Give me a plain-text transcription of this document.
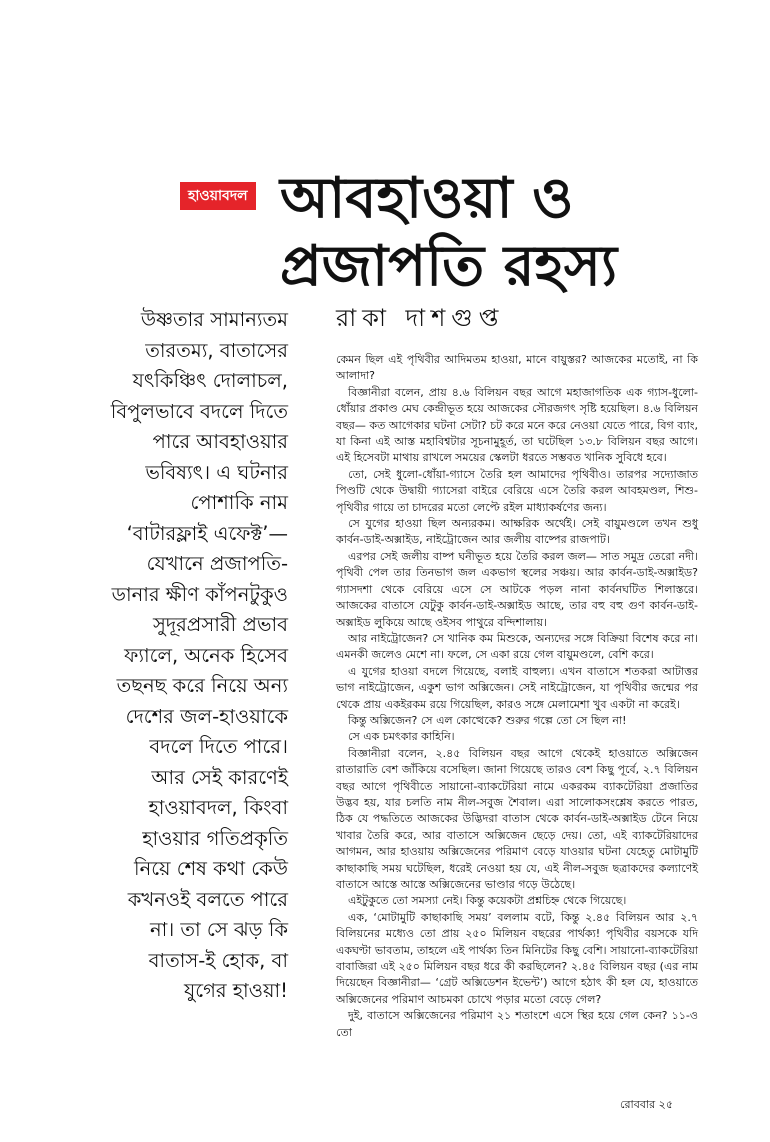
হাওয়াবদল আবহাওয়া ও প্রজাপতি রহস্য
রাকা দাশগুপ্ত
উষ্ণতার সামান্যতম তারতম্য, বাতাসের যৎকিঞ্চিৎ দোলাচল, বিপুলভাবে বদলে দিতে পারে আবহাওয়ার ভবিষ্যৎ। এ ঘটনার পোশাকি নাম ‘বাটারফ্লাই এফেক্ট’— যেখানে প্রজাপতি-ডানার ক্ষীণ কাঁপনটুকুও সুদূরপ্রসারী প্রভাব ফ্যালে, অনেক হিসেব তছনছ করে নিয়ে অন্য দেশের জল-হাওয়াকে বদলে দিতে পারে। আর সেই কারণেই হাওয়াবদল, কিংবা হাওয়ার গতিপ্রকৃতি নিয়ে শেষ কথা কেউ কখনওই বলতে পারে না। তা সে ঝড় কি বাতাস-ই হোক, বা যুগের হাওয়া!

কেমন ছিল এই পৃথিবীর আদিমতম হাওয়া, মানে বায়ুস্তর? আজকের মতোই, না কি আলাদা?

বিজ্ঞানীরা বলেন, প্রায় ৪.৬ বিলিয়ন বছর আগে মহাজাগতিক এক গ্যাস-ধুলো-ধোঁয়ার প্রকাণ্ড মেঘ কেন্দ্রীভূত হয়ে আজকের সৌরজগৎ সৃষ্টি হয়েছিল। ৪.৬ বিলিয়ন বছর— কত আগেকার ঘটনা সেটা? চট করে মনে করে নেওয়া যেতে পারে, বিগ ব্যাং, যা কিনা এই আস্ত মহাবিশ্বটার সূচনামুহূর্ত, তা ঘটেছিল ১৩.৮ বিলিয়ন বছর আগে। এই হিসেবটা মাথায় রাখলে সময়ের স্কেলটা ধরতে সম্ভবত খানিক সুবিধে হবে।

তো, সেই ধুলো-ধোঁয়া-গ্যাসে তৈরি হল আমাদের পৃথিবীও। তারপর সদ্যোজাত পিণ্ডটি থেকে উদ্বায়ী গ্যাসেরা বাইরে বেরিয়ে এসে তৈরি করল আবহমণ্ডল, শিশু-পৃথিবীর গায়ে তা চাদরের মতো লেপ্টে রইল মাধ্যাকর্ষণের জন্য।

সে যুগের হাওয়া ছিল অন্যরকম। আক্ষরিক অর্থেই। সেই বায়ুমণ্ডলে তখন শুধু কার্বন-ডাই-অক্সাইড, নাইট্রোজেন আর জলীয় বাষ্পের রাজপাট।

এরপর সেই জলীয় বাষ্প ঘনীভূত হয়ে তৈরি করল জল— সাত সমুদ্র তেরো নদী। পৃথিবী পেল তার তিনভাগ জল একভাগ স্থলের সঞ্চয়। আর কার্বন-ডাই-অক্সাইড? গ্যাসদশা থেকে বেরিয়ে এসে সে আটকে পড়ল নানা কার্বনঘটিত শিলাস্তরে। আজকের বাতাসে যেটুকু কার্বন-ডাই-অক্সাইড আছে, তার বহু বহু গুণ কার্বন-ডাই-অক্সাইড লুকিয়ে আছে ওইসব পাথুরে বন্দিশালায়।

আর নাইট্রোজেন? সে খানিক কম মিশুকে, অন্যদের সঙ্গে বিক্রিয়া বিশেষ করে না। এমনকী জলেও মেশে না। ফলে, সে একা রয়ে গেল বায়ুমণ্ডলে, বেশি করে।

এ যুগের হাওয়া বদলে গিয়েছে, বলাই বাহুল্য। এখন বাতাসে শতকরা আটাত্তর ভাগ নাইট্রোজেন, একুশ ভাগ অক্সিজেন। সেই নাইট্রোজেন, যা পৃথিবীর জন্মের পর থেকে প্রায় একইরকম রয়ে গিয়েছিল, কারও সঙ্গে মেলামেশা খুব একটা না করেই।

কিন্তু অক্সিজেন? সে এল কোত্থেকে? শুরুর গল্পে তো সে ছিল না!

সে এক চমৎকার কাহিনি।

বিজ্ঞানীরা বলেন, ২.৪৫ বিলিয়ন বছর আগে থেকেই হাওয়াতে অক্সিজেন রাতারাতি বেশ জাঁকিয়ে বসেছিল। জানা গিয়েছে তারও বেশ কিছু পূর্বে, ২.৭ বিলিয়ন বছর আগে পৃথিবীতে সায়ানো-ব্যাকটেরিয়া নামে একরকম ব্যাকটেরিয়া প্রজাতির উদ্ভব হয়, যার চলতি নাম নীল-সবুজ শৈবাল। এরা সালোকসংশ্লেষ করতে পারত, ঠিক যে পদ্ধতিতে আজকের উদ্ভিদরা বাতাস থেকে কার্বন-ডাই-অক্সাইড টেনে নিয়ে খাবার তৈরি করে, আর বাতাসে অক্সিজেন ছেড়ে দেয়। তো, এই ব্যাকটেরিয়াদের আগমন, আর হাওয়ায় অক্সিজেনের পরিমাণ বেড়ে যাওয়ার ঘটনা যেহেতু মোটামুটি কাছাকাছি সময় ঘটেছিল, ধরেই নেওয়া হয় যে, এই নীল-সবুজ ছত্রাকদের কল্যাণেই বাতাসে আস্তে আস্তে অক্সিজেনের ভাণ্ডার গড়ে উঠেছে।

এইটুকুতে তো সমস্যা নেই। কিন্তু কয়েকটা প্রশ্নচিহ্ন থেকে গিয়েছে।

এক, ‘মোটামুটি কাছাকাছি সময়’ বললাম বটে, কিন্তু ২.৪৫ বিলিয়ন আর ২.৭ বিলিয়নের মধ্যেও তো প্রায় ২৫০ মিলিয়ন বছরের পার্থক্য! পৃথিবীর বয়সকে যদি একঘণ্টা ভাবতাম, তাহলে এই পার্থক্য তিন মিনিটের কিছু বেশি। সায়ানো-ব্যাকটেরিয়া বাবাজিরা এই ২৫০ মিলিয়ন বছর ধরে কী করছিলেন? ২.৪৫ বিলিয়ন বছর (এর নাম দিয়েছেন বিজ্ঞানীরা— ‘গ্রেট অক্সিডেশন ইভেন্ট’) আগে হঠাৎ কী হল যে, হাওয়াতে অক্সিজেনের পরিমাণ আচমকা চোখে পড়ার মতো বেড়ে গেল?

দুই, বাতাসে অক্সিজেনের পরিমাণ ২১ শতাংশে এসে স্থির হয়ে গেল কেন? ১১-ও তো

রোববার ২৫
